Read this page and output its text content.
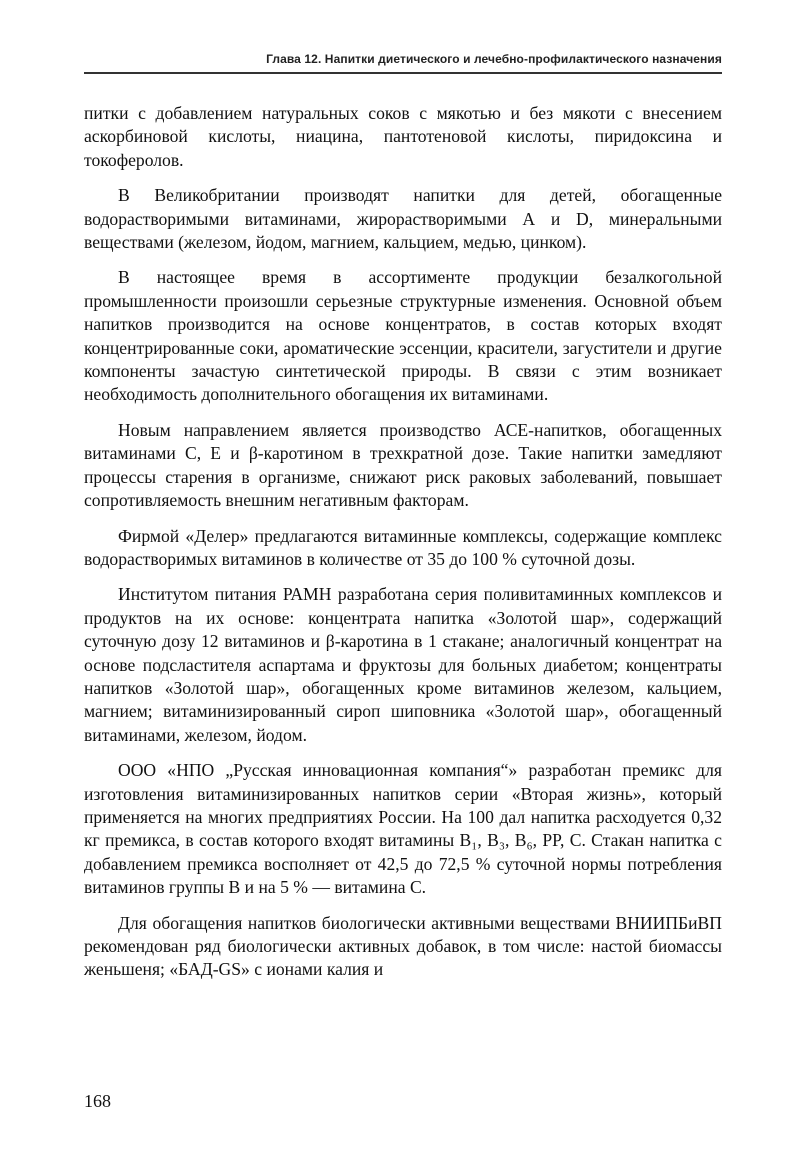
Глава 12. Напитки диетического и лечебно-профилактического назначения

питки с добавлением натуральных соков с мякотью и без мякоти с внесением аскорбиновой кислоты, ниацина, пантотеновой кислоты, пиридоксина и токоферолов.

В Великобритании производят напитки для детей, обогащенные водорастворимыми витаминами, жирорастворимыми А и D, минеральными веществами (железом, йодом, магнием, кальцием, медью, цинком).

В настоящее время в ассортименте продукции безалкогольной промышленности произошли серьезные структурные изменения. Основной объем напитков производится на основе концентратов, в состав которых входят концентрированные соки, ароматические эссенции, красители, загустители и другие компоненты зачастую синтетической природы. В связи с этим возникает необходимость дополнительного обогащения их витаминами.

Новым направлением является производство АСЕ-напитков, обогащенных витаминами С, Е и β-каротином в трехкратной дозе. Такие напитки замедляют процессы старения в организме, снижают риск раковых заболеваний, повышает сопротивляемость внешним негативным факторам.

Фирмой «Делер» предлагаются витаминные комплексы, содержащие комплекс водорастворимых витаминов в количестве от 35 до 100 % суточной дозы.

Институтом питания РАМН разработана серия поливитаминных комплексов и продуктов на их основе: концентрата напитка «Золотой шар», содержащий суточную дозу 12 витаминов и β-каротина в 1 стакане; аналогичный концентрат на основе подсластителя аспартама и фруктозы для больных диабетом; концентраты напитков «Золотой шар», обогащенных кроме витаминов железом, кальцием, магнием; витаминизированный сироп шиповника «Золотой шар», обогащенный витаминами, железом, йодом.

ООО «НПО „Русская инновационная компания“» разработан премикс для изготовления витаминизированных напитков серии «Вторая жизнь», который применяется на многих предприятиях России. На 100 дал напитка расходуется 0,32 кг премикса, в состав которого входят витамины B₁, B₃, B₆, PP, C. Стакан напитка с добавлением премикса восполняет от 42,5 до 72,5 % суточной нормы потребления витаминов группы В и на 5 % — витамина С.

Для обогащения напитков биологически активными веществами ВНИИПБиВП рекомендован ряд биологически активных добавок, в том числе: настой биомассы женьшеня; «БАД-GS» с ионами калия и

168
